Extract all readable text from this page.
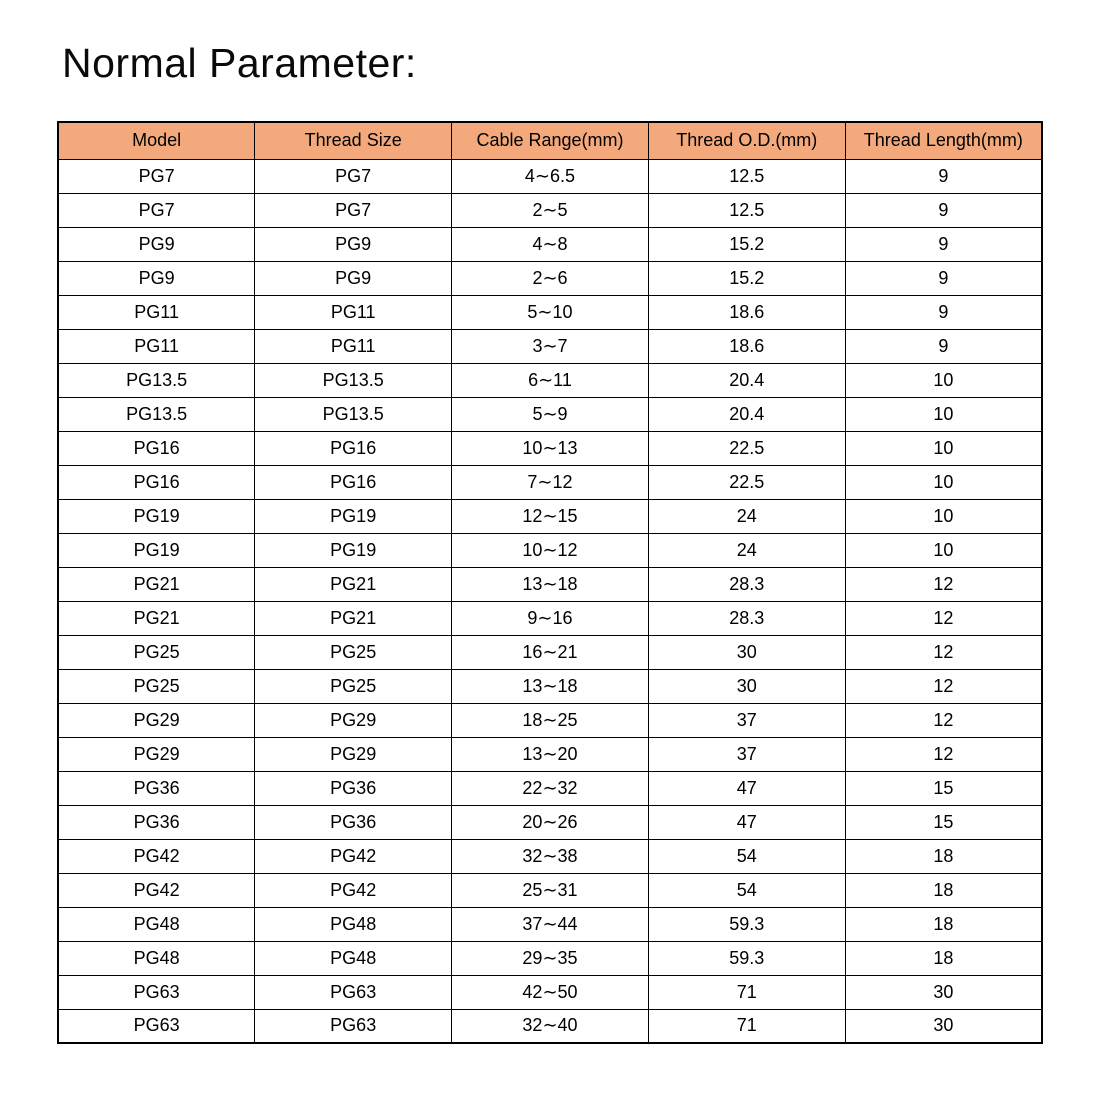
Normal Parameter:
Model	Thread Size	Cable Range(mm)	Thread O.D.(mm)	Thread Length(mm)
PG7	PG7	4∼6.5	12.5	9
PG7	PG7	2∼5	12.5	9
PG9	PG9	4∼8	15.2	9
PG9	PG9	2∼6	15.2	9
PG11	PG11	5∼10	18.6	9
PG11	PG11	3∼7	18.6	9
PG13.5	PG13.5	6∼11	20.4	10
PG13.5	PG13.5	5∼9	20.4	10
PG16	PG16	10∼13	22.5	10
PG16	PG16	7∼12	22.5	10
PG19	PG19	12∼15	24	10
PG19	PG19	10∼12	24	10
PG21	PG21	13∼18	28.3	12
PG21	PG21	9∼16	28.3	12
PG25	PG25	16∼21	30	12
PG25	PG25	13∼18	30	12
PG29	PG29	18∼25	37	12
PG29	PG29	13∼20	37	12
PG36	PG36	22∼32	47	15
PG36	PG36	20∼26	47	15
PG42	PG42	32∼38	54	18
PG42	PG42	25∼31	54	18
PG48	PG48	37∼44	59.3	18
PG48	PG48	29∼35	59.3	18
PG63	PG63	42∼50	71	30
PG63	PG63	32∼40	71	30
